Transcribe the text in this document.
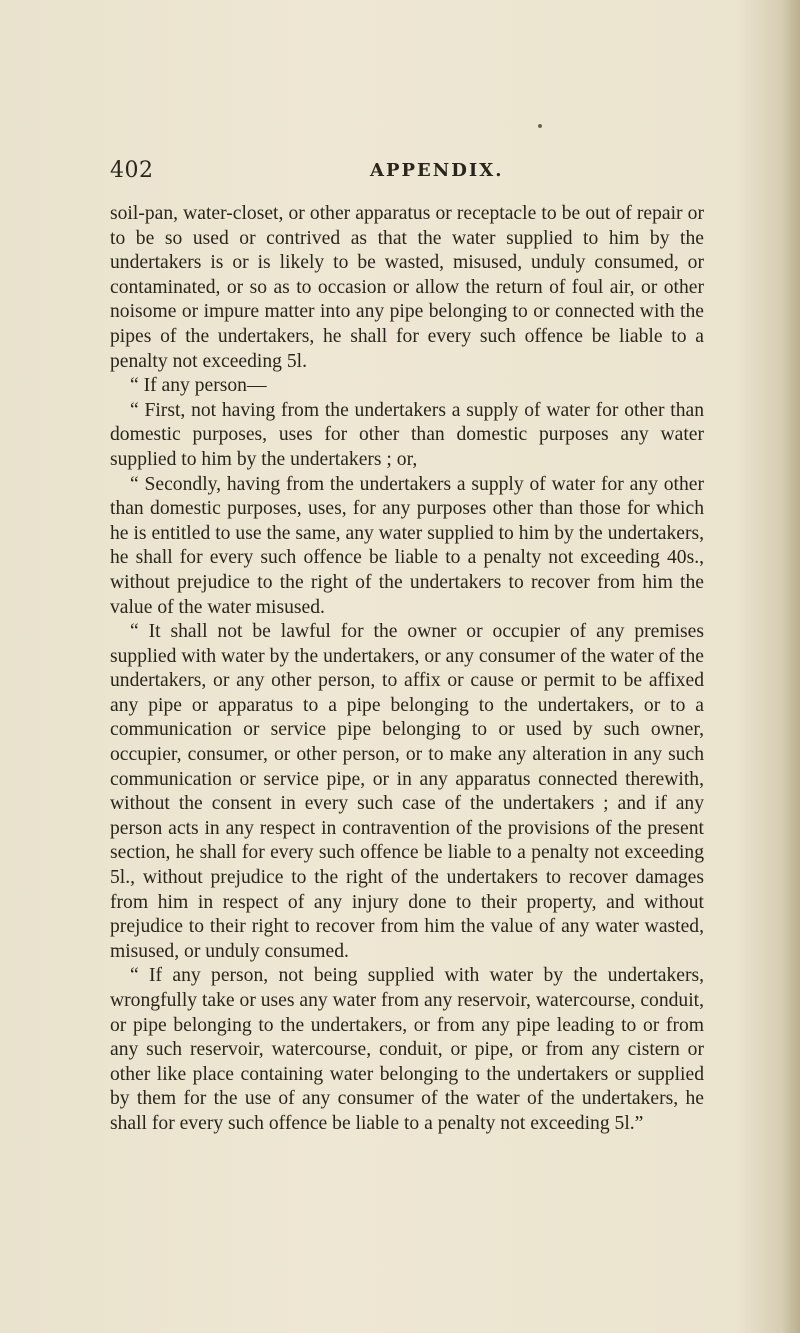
402	APPENDIX.

soil-pan, water-closet, or other apparatus or receptacle to be out of repair or to be so used or contrived as that the water supplied to him by the undertakers is or is likely to be wasted, misused, unduly consumed, or contaminated, or so as to occasion or allow the return of foul air, or other noisome or impure matter into any pipe belonging to or connected with the pipes of the undertakers, he shall for every such offence be liable to a penalty not exceeding 5l.

“ If any person—

“ First, not having from the undertakers a supply of water for other than domestic purposes, uses for other than domestic purposes any water supplied to him by the undertakers ; or,

“ Secondly, having from the undertakers a supply of water for any other than domestic purposes, uses, for any purposes other than those for which he is entitled to use the same, any water supplied to him by the undertakers, he shall for every such offence be liable to a penalty not exceeding 40s., without prejudice to the right of the undertakers to recover from him the value of the water misused.

“ It shall not be lawful for the owner or occupier of any premises supplied with water by the undertakers, or any consumer of the water of the undertakers, or any other person, to affix or cause or permit to be affixed any pipe or apparatus to a pipe belonging to the undertakers, or to a communication or service pipe belonging to or used by such owner, occupier, consumer, or other person, or to make any alteration in any such communication or service pipe, or in any apparatus connected therewith, without the consent in every such case of the undertakers ; and if any person acts in any respect in contravention of the provisions of the present section, he shall for every such offence be liable to a penalty not exceeding 5l., without prejudice to the right of the undertakers to recover damages from him in respect of any injury done to their property, and without prejudice to their right to recover from him the value of any water wasted, misused, or unduly consumed.

“ If any person, not being supplied with water by the undertakers, wrongfully take or uses any water from any reservoir, watercourse, conduit, or pipe belonging to the undertakers, or from any pipe leading to or from any such reservoir, watercourse, conduit, or pipe, or from any cistern or other like place containing water belonging to the undertakers or supplied by them for the use of any consumer of the water of the undertakers, he shall for every such offence be liable to a penalty not exceeding 5l.”
